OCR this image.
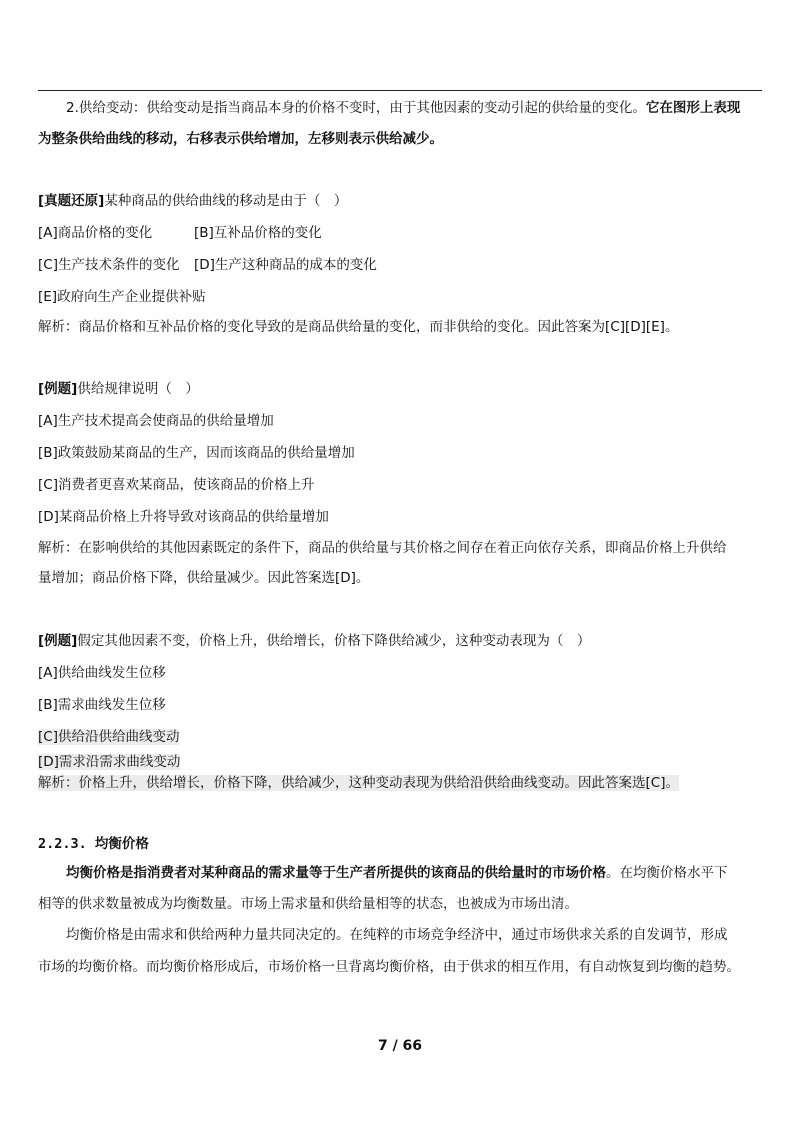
2.供给变动：供给变动是指当商品本身的价格不变时，由于其他因素的变动引起的供给量的变化。它在图形上表现
为整条供给曲线的移动，右移表示供给增加，左移则表示供给减少。
[真题还原]某种商品的供给曲线的移动是由于（　）
[A]商品价格的变化	[B]互补品价格的变化
[C]生产技术条件的变化 [D]生产这种商品的成本的变化
[E]政府向生产企业提供补贴
解析：商品价格和互补品价格的变化导致的是商品供给量的变化，而非供给的变化。因此答案为[C][D][E]。
[例题]供给规律说明（　）
[A]生产技术提高会使商品的供给量增加
[B]政策鼓励某商品的生产，因而该商品的供给量增加
[C]消费者更喜欢某商品，使该商品的价格上升
[D]某商品价格上升将导致对该商品的供给量增加
解析：在影响供给的其他因素既定的条件下，商品的供给量与其价格之间存在着正向依存关系，即商品价格上升供给
量增加；商品价格下降，供给量减少。因此答案选[D]。
[例题]假定其他因素不变，价格上升，供给增长，价格下降供给减少，这种变动表现为（　）
[A]供给曲线发生位移
[B]需求曲线发生位移
[C]供给沿供给曲线变动
[D]需求沿需求曲线变动
解析：价格上升，供给增长，价格下降，供给减少，这种变动表现为供给沿供给曲线变动。因此答案选[C]。
2.2.3. 均衡价格
均衡价格是指消费者对某种商品的需求量等于生产者所提供的该商品的供给量时的市场价格。在均衡价格水平下
相等的供求数量被成为均衡数量。市场上需求量和供给量相等的状态，也被成为市场出清。
均衡价格是由需求和供给两种力量共同决定的。在纯粹的市场竞争经济中，通过市场供求关系的自发调节，形成
市场的均衡价格。而均衡价格形成后，市场价格一旦背离均衡价格，由于供求的相互作用，有自动恢复到均衡的趋势。
7 / 66
